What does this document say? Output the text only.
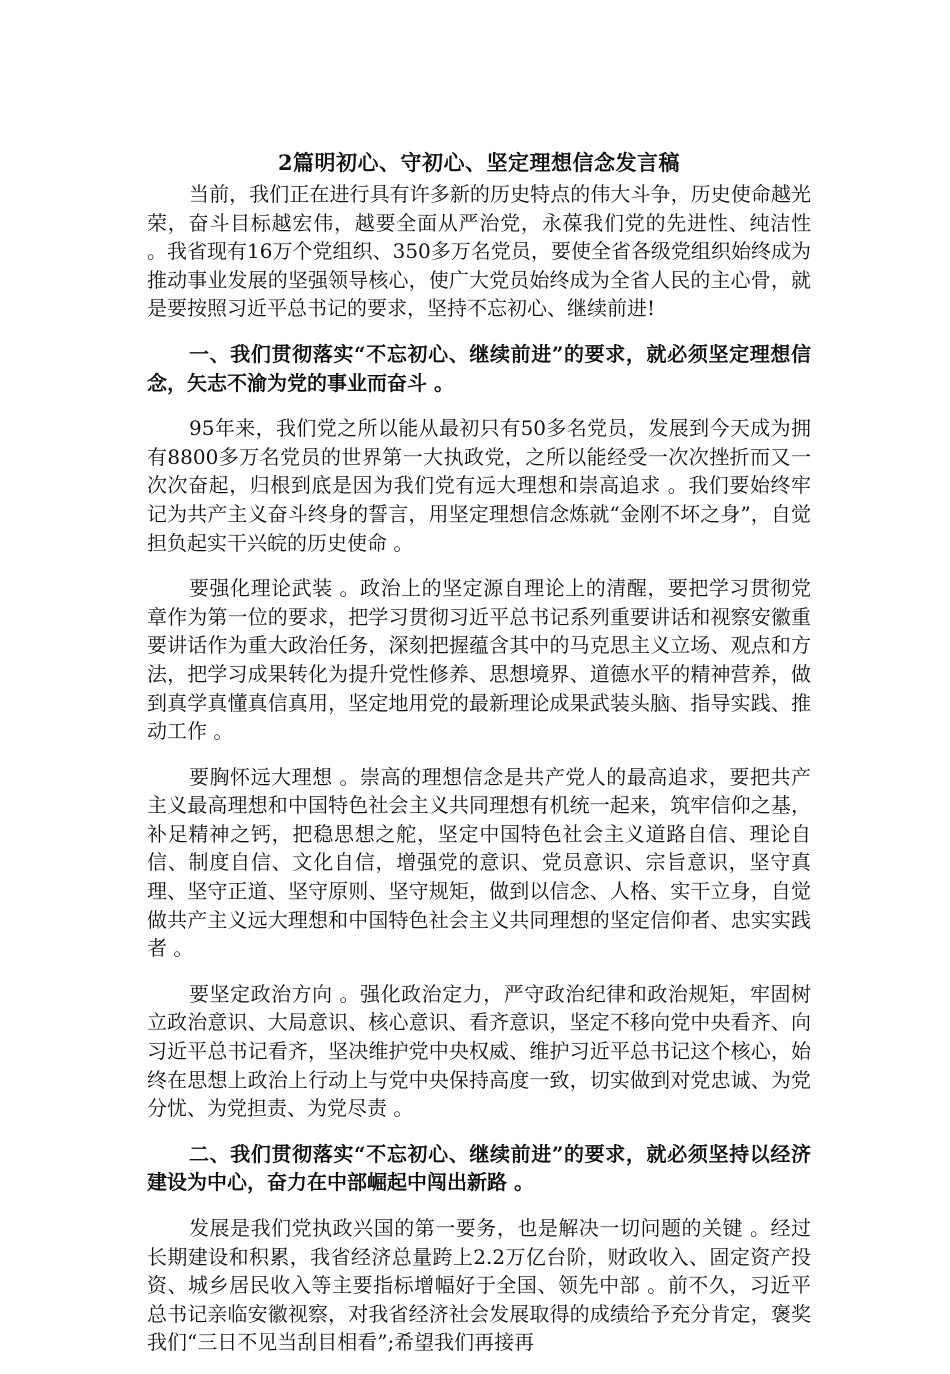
2篇明初心、守初心、坚定理想信念发言稿

当前，我们正在进行具有许多新的历史特点的伟大斗争，历史使命越光荣，奋斗目标越宏伟，越要全面从严治党，永葆我们党的先进性、纯洁性 。我省现有16万个党组织、350多万名党员，要使全省各级党组织始终成为推动事业发展的坚强领导核心，使广大党员始终成为全省人民的主心骨，就是要按照习近平总书记的要求，坚持不忘初心、继续前进!

一、我们贯彻落实“不忘初心、继续前进”的要求，就必须坚定理想信念，矢志不渝为党的事业而奋斗 。

95年来，我们党之所以能从最初只有50多名党员，发展到今天成为拥有8800多万名党员的世界第一大执政党，之所以能经受一次次挫折而又一次次奋起，归根到底是因为我们党有远大理想和崇高追求 。我们要始终牢记为共产主义奋斗终身的誓言，用坚定理想信念炼就“金刚不坏之身”，自觉担负起实干兴皖的历史使命 。

要强化理论武装 。政治上的坚定源自理论上的清醒，要把学习贯彻党章作为第一位的要求，把学习贯彻习近平总书记系列重要讲话和视察安徽重要讲话作为重大政治任务，深刻把握蕴含其中的马克思主义立场、观点和方法，把学习成果转化为提升党性修养、思想境界、道德水平的精神营养，做到真学真懂真信真用，坚定地用党的最新理论成果武装头脑、指导实践、推动工作 。

要胸怀远大理想 。崇高的理想信念是共产党人的最高追求，要把共产主义最高理想和中国特色社会主义共同理想有机统一起来，筑牢信仰之基，补足精神之钙，把稳思想之舵，坚定中国特色社会主义道路自信、理论自信、制度自信、文化自信，增强党的意识、党员意识、宗旨意识，坚守真理、坚守正道、坚守原则、坚守规矩，做到以信念、人格、实干立身，自觉做共产主义远大理想和中国特色社会主义共同理想的坚定信仰者、忠实实践者 。

要坚定政治方向 。强化政治定力，严守政治纪律和政治规矩，牢固树立政治意识、大局意识、核心意识、看齐意识，坚定不移向党中央看齐、向习近平总书记看齐，坚决维护党中央权威、维护习近平总书记这个核心，始终在思想上政治上行动上与党中央保持高度一致，切实做到对党忠诚、为党分忧、为党担责、为党尽责 。

二、我们贯彻落实“不忘初心、继续前进”的要求，就必须坚持以经济建设为中心，奋力在中部崛起中闯出新路 。

发展是我们党执政兴国的第一要务，也是解决一切问题的关键 。经过长期建设和积累，我省经济总量跨上2.2万亿台阶，财政收入、固定资产投资、城乡居民收入等主要指标增幅好于全国、领先中部 。前不久，习近平总书记亲临安徽视察，对我省经济社会发展取得的成绩给予充分肯定，褒奖我们“三日不见当刮目相看”;希望我们再接再
